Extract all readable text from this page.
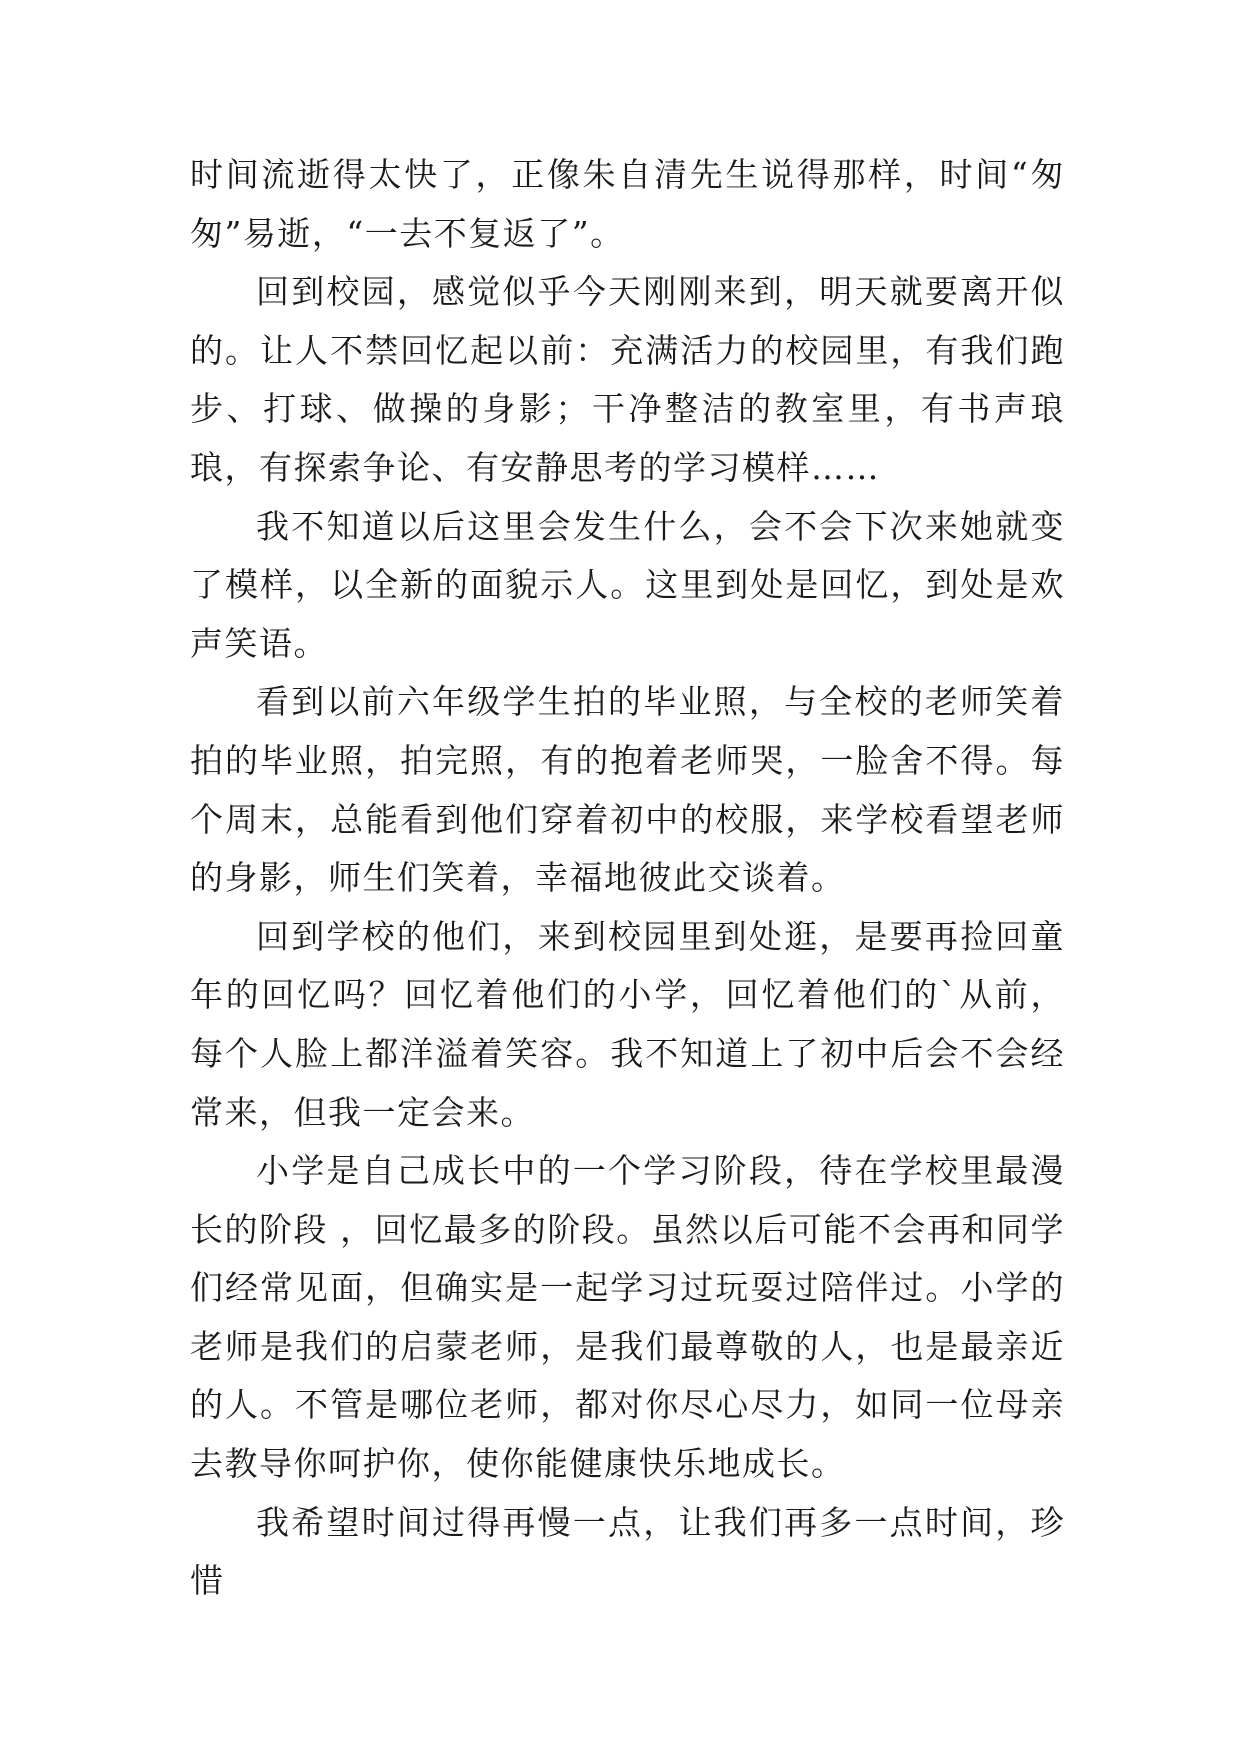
时间流逝得太快了，正像朱自清先生说得那样，时间“匆匆”易逝，“一去不复返了”。

回到校园，感觉似乎今天刚刚来到，明天就要离开似的。让人不禁回忆起以前：充满活力的校园里，有我们跑步、打球、做操的身影；干净整洁的教室里，有书声琅琅，有探索争论、有安静思考的学习模样……

我不知道以后这里会发生什么，会不会下次来她就变了模样，以全新的面貌示人。这里到处是回忆，到处是欢声笑语。

看到以前六年级学生拍的毕业照，与全校的老师笑着拍的毕业照，拍完照，有的抱着老师哭，一脸舍不得。每个周末，总能看到他们穿着初中的校服，来学校看望老师的身影，师生们笑着，幸福地彼此交谈着。

回到学校的他们，来到校园里到处逛，是要再捡回童年的回忆吗？回忆着他们的小学，回忆着他们的`从前，每个人脸上都洋溢着笑容。我不知道上了初中后会不会经常来，但我一定会来。

小学是自己成长中的一个学习阶段，待在学校里最漫长的阶段 ，回忆最多的阶段。虽然以后可能不会再和同学们经常见面，但确实是一起学习过玩耍过陪伴过。小学的老师是我们的启蒙老师，是我们最尊敬的人，也是最亲近的人。不管是哪位老师，都对你尽心尽力，如同一位母亲去教导你呵护你，使你能健康快乐地成长。

我希望时间过得再慢一点，让我们再多一点时间，珍惜
